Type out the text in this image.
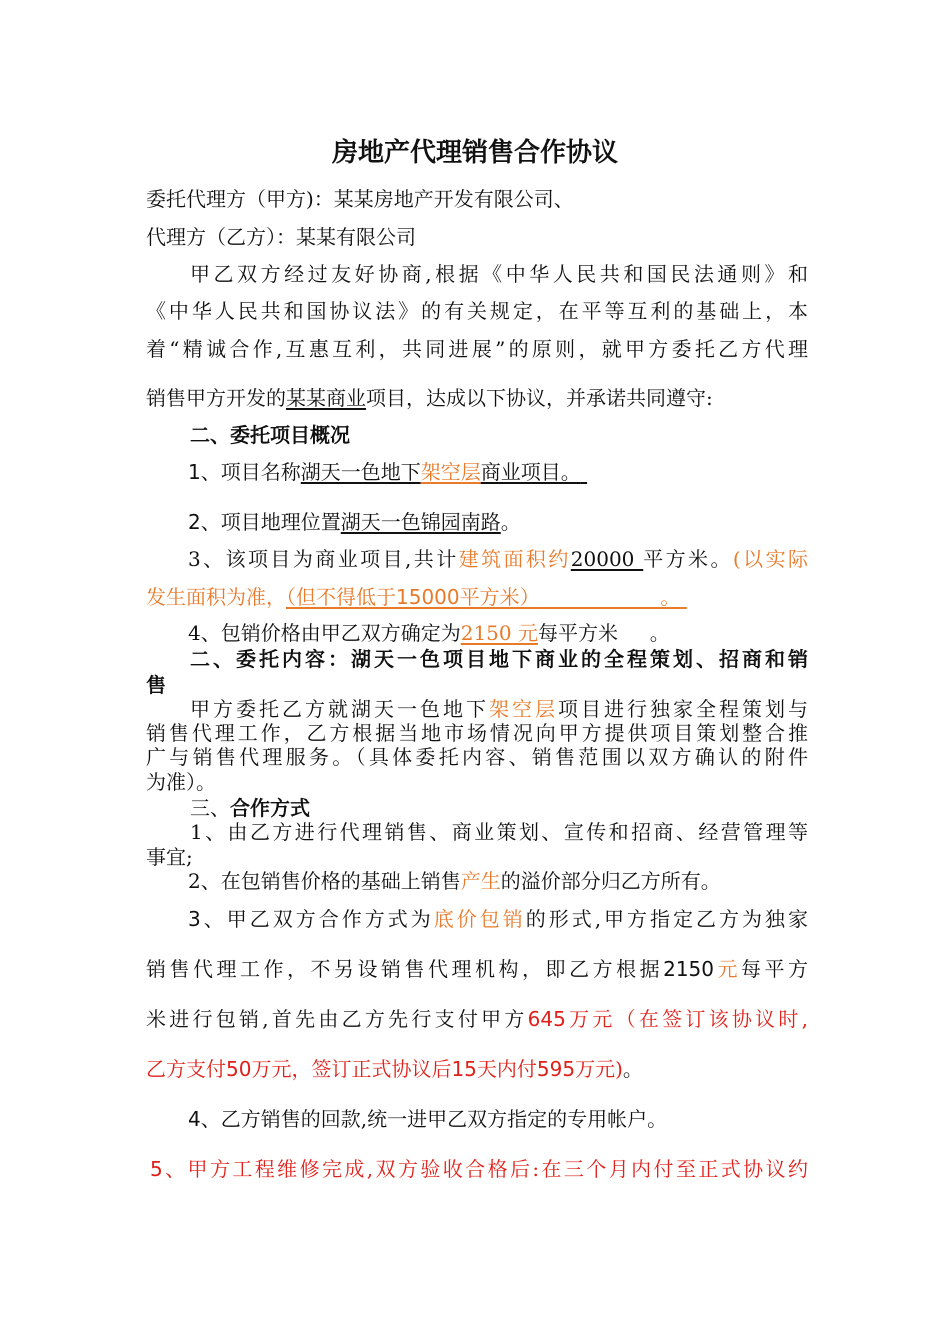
房地产代理销售合作协议
委托代理方（甲方)：某某房地产开发有限公司、
代理方（乙方）：某某有限公司
甲乙双方经过友好协商,根据《中华人民共和国民法通则》和
《中华人民共和国协议法》的有关规定，在平等互利的基础上，本
着“精诚合作,互惠互利，共同进展”的原则，就甲方委托乙方代理
销售甲方开发的某某商业项目，达成以下协议，并承诺共同遵守:
二、委托项目概况
1、项目名称湖天一色地下架空层商业项目。
2、项目地理位置湖天一色锦园南路。
3、该项目为商业项目,共计建筑面积约20000 平方米。(以实际
发生面积为准，（但不得低于15000平方米）	。
4、包销价格由甲乙双方确定为2150 元每平方米 。
二、委托内容：湖天一色项目地下商业的全程策划、招商和销
售
甲方委托乙方就湖天一色地下架空层项目进行独家全程策划与
销售代理工作，乙方根据当地市场情况向甲方提供项目策划整合推
广与销售代理服务。（具体委托内容、销售范围以双方确认的附件
为准）。
三、合作方式
1、由乙方进行代理销售、商业策划、宣传和招商、经营管理等
事宜;
2、在包销售价格的基础上销售产生的溢价部分归乙方所有。
3、甲乙双方合作方式为底价包销的形式,甲方指定乙方为独家
销售代理工作，不另设销售代理机构，即乙方根据2150元每平方
米进行包销,首先由乙方先行支付甲方645万元（在签订该协议时,
乙方支付50万元，签订正式协议后15天内付595万元)。
4、乙方销售的回款,统一进甲乙双方指定的专用帐户。
5、甲方工程维修完成,双方验收合格后:在三个月内付至正式协议约
